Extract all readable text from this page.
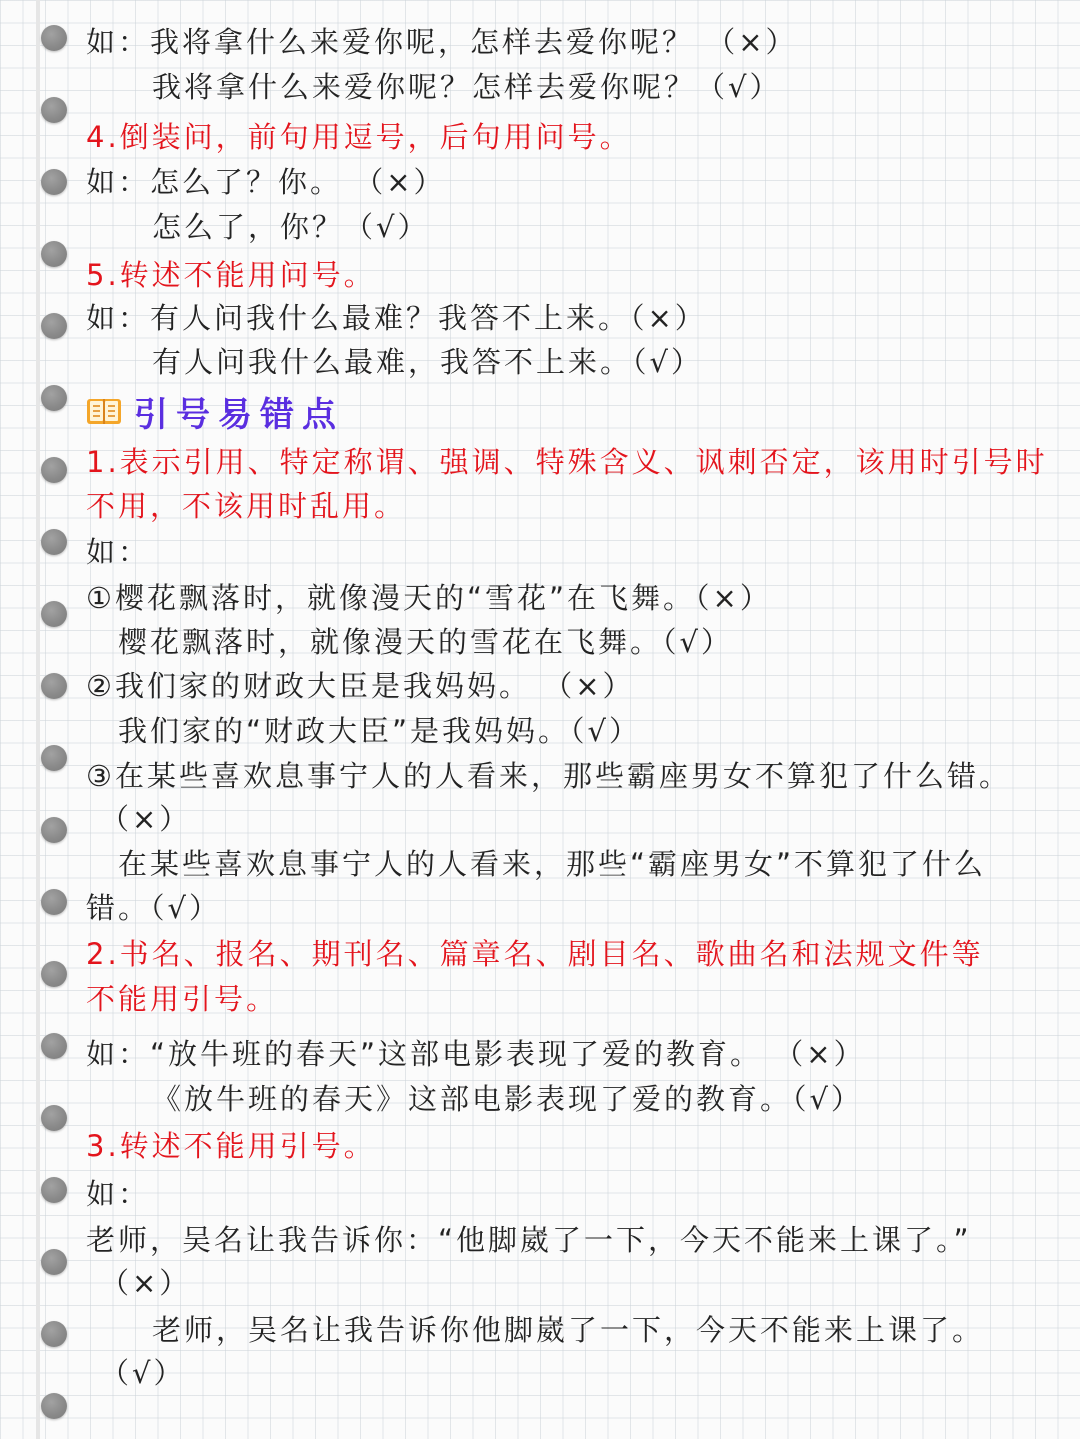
如：我将拿什么来爱你呢，怎样去爱你呢？ （×）

我将拿什么来爱你呢？怎样去爱你呢？（√）

4.倒装问，前句用逗号，后句用问号。

如：怎么了？你。 （×）

怎么了，你？（√）

5.转述不能用问号。

如：有人问我什么最难？我答不上来。（×）

有人问我什么最难，我答不上来。（√）

引号易错点

1.表示引用、特定称谓、强调、特殊含义、讽刺否定，该用时引号时

不用，不该用时乱用。

如：

①樱花飘落时，就像漫天的“雪花”在飞舞。（×）

樱花飘落时，就像漫天的雪花在飞舞。（√）

②我们家的财政大臣是我妈妈。 （×）

我们家的“财政大臣”是我妈妈。（√）

③在某些喜欢息事宁人的人看来，那些霸座男女不算犯了什么错。

（×）

在某些喜欢息事宁人的人看来，那些“霸座男女”不算犯了什么

错。（√）

2.书名、报名、期刊名、篇章名、剧目名、歌曲名和法规文件等

不能用引号。

如：“放牛班的春天”这部电影表现了爱的教育。 （×）

《放牛班的春天》这部电影表现了爱的教育。（√）

3.转述不能用引号。

如：

老师，吴名让我告诉你：“他脚崴了一下，今天不能来上课了。”

（×）

老师，吴名让我告诉你他脚崴了一下，今天不能来上课了。

（√）
